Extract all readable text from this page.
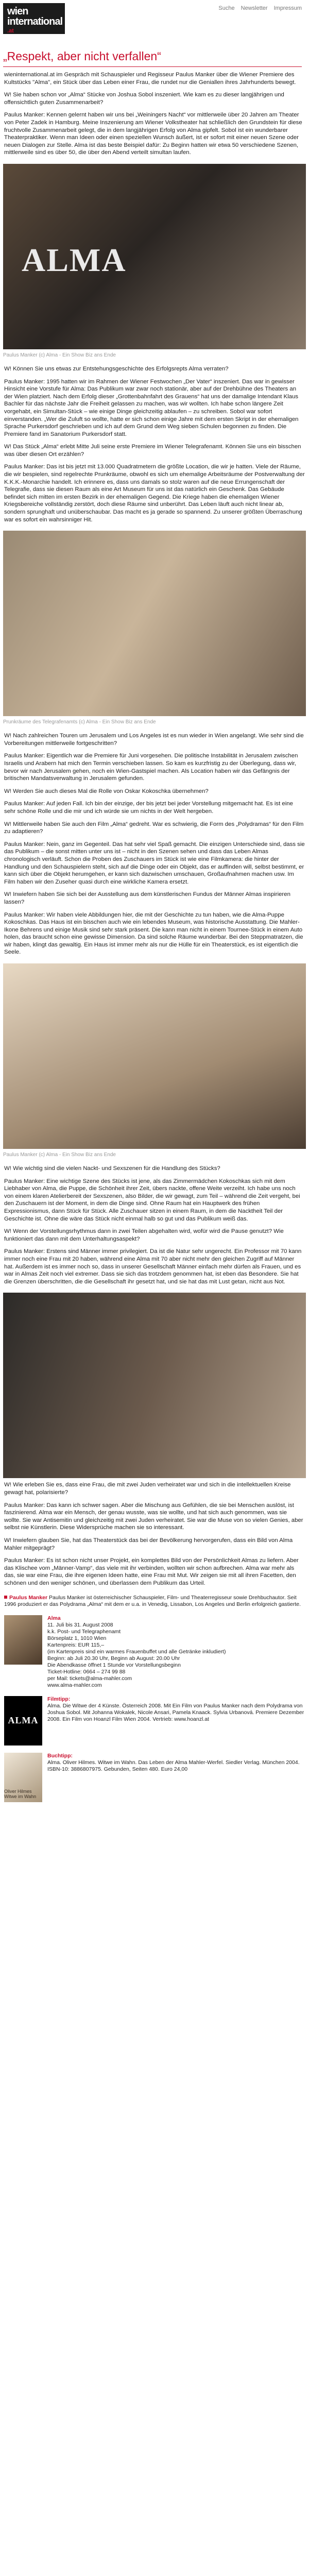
wien
international
.at
Suche Newsletter Impressum
„Respekt, aber nicht verfallen“

wieninternational.at im Gespräch mit Schauspieler und Regisseur Paulus Manker über die Wiener Premiere des Kultstücks "Alma", ein Stück über das Leben einer Frau, die rundet nur die Geniallen ihres Jahrhunderts bewegt.

W! Sie haben schon vor „Alma“ Stücke von Joshua Sobol inszeniert. Wie kam es zu dieser langjährigen und offensichtlich guten Zusammenarbeit?

Paulus Manker: Kennen gelernt haben wir uns bei „Weiningers Nacht“ vor mittlerweile über 20 Jahren am Theater von Peter Zadek in Hamburg. Meine Inszenierung am Wiener Volkstheater hat schließlich den Grundstein für diese fruchtvolle Zusammenarbeit gelegt, die in dem langjährigen Erfolg von Alma gipfelt. Sobol ist ein wunderbarer Theaterpraktiker. Wenn man Ideen oder einen speziellen Wunsch äußert, ist er sofort mit einer neuen Szene oder neuen Dialogen zur Stelle. Alma ist das beste Beispiel dafür: Zu Beginn hatten wir etwa 50 verschiedene Szenen, mittlerweile sind es über 50, die über den Abend verteilt simultan laufen.

ALMA
Paulus Manker (c) Alma - Ein Show Biz ans Ende

W! Können Sie uns etwas zur Entstehungsgeschichte des Erfolgsrepts Alma verraten?

Paulus Manker: 1995 hatten wir im Rahmen der Wiener Festwochen „Der Vater“ inszeniert. Das war in gewisser Hinsicht eine Vorstufe für Alma: Das Publikum war zwar noch stationär, aber auf der Drehbühne des Theaters an der Wien platziert. Nach dem Erfolg dieser „Grottenbahnfahrt des Grauens“ hat uns der damalige Intendant Klaus Bachler für das nächste Jahr die Freiheit gelassen zu machen, was wir wollten. Ich habe schon längere Zeit vorgehabt, ein Simultan-Stück – wie einige Dinge gleichzeitig ablaufen – zu schreiben. Sobol war sofort einverstanden. „Wer die Zuluft so wollte, hatte er sich schon einige Jahre mit dem ersten Skript in der ehemaligen Sprache Purkersdorf geschrieben und ich auf dem Grund dem Weg sieben Schulen begonnen zu finden. Die Premiere fand im Sanatorium Purkersdorf statt.

W! Das Stück „Alma“ erlebt Mitte Juli seine erste Premiere im Wiener Telegrafenamt. Können Sie uns ein bisschen was über diesen Ort erzählen?

Paulus Manker: Das ist bis jetzt mit 13.000 Quadratmetern die größte Location, die wir je hatten. Viele der Räume, die wir bespielen, sind regelrechte Prunkräume, obwohl es sich um ehemalige Arbeitsräume der Postverwaltung der K.K.K.-Monarchie handelt. Ich erinnere es, dass uns damals so stolz waren auf die neue Errungenschaft der Telegrafie, dass sie diesen Raum als eine Art Museum für uns ist das natürlich ein Geschenk. Das Gebäude befindet sich mitten im ersten Bezirk in der ehemaligen Gegend. Die Kriege haben die ehemaligen Wiener Kriegsbereiche vollständig zerstört, doch diese Räume sind unberührt. Das Leben läuft auch nicht linear ab, sondern sprunghaft und unüberschaubar. Das macht es ja gerade so spannend. Zu unserer größten Überraschung war es sofort ein wahrsinniger Hit.

Prunkräume des Telegrafenamts (c) Alma - Ein Show Biz ans Ende

W! Nach zahlreichen Touren um Jerusalem und Los Angeles ist es nun wieder in Wien angelangt. Wie sehr sind die Vorbereitungen mittlerweile fortgeschritten?

Paulus Manker: Eigentlich war die Premiere für Juni vorgesehen. Die politische Instabilität in Jerusalem zwischen Israelis und Arabern hat mich den Termin verschieben lassen. So kam es kurzfristig zu der Überlegung, dass wir, bevor wir nach Jerusalem gehen, noch ein Wien-Gastspiel machen. Als Location haben wir das Gefängnis der britischen Mandatsverwaltung in Jerusalem gefunden.

W! Werden Sie auch dieses Mal die Rolle von Oskar Kokoschka übernehmen?

Paulus Manker: Auf jeden Fall. Ich bin der einzige, der bis jetzt bei jeder Vorstellung mitgemacht hat. Es ist eine sehr schöne Rolle und die mir und ich würde sie um nichts in der Welt hergeben.

W! Mittlerweile haben Sie auch den Film „Alma“ gedreht. War es schwierig, die Form des „Polydramas“ für den Film zu adaptieren?

Paulus Manker: Nein, ganz im Gegenteil. Das hat sehr viel Spaß gemacht. Die einzigen Unterschiede sind, dass sie das Publikum – die sonst mitten unter uns ist – nicht in den Szenen sehen und dass das Leben Almas chronologisch verläuft. Schon die Proben des Zuschauers im Stück ist wie eine Filmkamera: die hinter der Handlung und den Schauspielern steht, sich auf die Dinge oder ein Objekt, das er auffinden will, selbst bestimmt, er kann sich über die Objekt herumgehen, er kann sich dazwischen umschauen, Großaufnahmen machen usw. Im Film haben wir den Zuseher quasi durch eine wirkliche Kamera ersetzt.

W! Inwiefern haben Sie sich bei der Ausstellung aus dem künstlerischen Fundus der Männer Almas inspirieren lassen?

Paulus Manker: Wir haben viele Abbildungen hier, die mit der Geschichte zu tun haben, wie die Alma-Puppe Kokoschkas. Das Haus ist ein bisschen auch wie ein lebendes Museum, was historische Ausstattung. Die Mahler-Ikone Behrens und einige Musik sind sehr stark präsent. Die kann man nicht in einem Tournee-Stück in einem Auto holen, das braucht schon eine gewisse Dimension. Da sind solche Räume wunderbar. Bei den Steppmatratzen, die wir haben, klingt das gewaltig. Ein Haus ist immer mehr als nur die Hülle für ein Theaterstück, es ist eigentlich die Seele.

Paulus Manker (c) Alma - Ein Show Biz ans Ende

W! Wie wichtig sind die vielen Nackt- und Sexszenen für die Handlung des Stücks?

Paulus Manker: Eine wichtige Szene des Stücks ist jene, als das Zimmermädchen Kokoschkas sich mit dem Liebhaber von Alma, die Puppe, die Schönheit ihrer Zeit, übers nackte, offene Weite verzeiht. Ich habe uns noch von einem klaren Atelierbereit der Sexszenen, also Bilder, die wir gewagt, zum Teil – während die Zeit vergeht, bei den Zuschauern ist der Moment, in dem die Dinge sind. Ohne Raum hat ein Hauptwerk des frühen Expressionismus, dann Stück für Stück. Alle Zuschauer sitzen in einem Raum, in dem die Nacktheit Teil der Geschichte ist. Ohne die wäre das Stück nicht einmal halb so gut und das Publikum weiß das.

W! Wenn der Vorstellungsrhythmus dann in zwei Teilen abgehalten wird, wofür wird die Pause genutzt? Wie funktioniert das dann mit dem Unterhaltungsaspekt?

Paulus Manker: Erstens sind Männer immer privilegiert. Da ist die Natur sehr ungerecht. Ein Professor mit 70 kann immer noch eine Frau mit 20 haben, während eine Alma mit 70 aber nicht mehr den gleichen Zugriff auf Männer hat. Außerdem ist es immer noch so, dass in unserer Gesellschaft Männer einfach mehr dürfen als Frauen, und es war in Almas Zeit noch viel extremer. Dass sie sich das trotzdem genommen hat, ist eben das Besondere. Sie hat die Grenzen überschritten, die die Gesellschaft ihr gesetzt hat, und sie hat das mit Lust getan, nicht aus Not.

W! Wie erleben Sie es, dass eine Frau, die mit zwei Juden verheiratet war und sich in die intellektuellen Kreise gewagt hat, polarisierte?

Paulus Manker: Das kann ich schwer sagen. Aber die Mischung aus Gefühlen, die sie bei Menschen auslöst, ist faszinierend. Alma war ein Mensch, der genau wusste, was sie wollte, und hat sich auch genommen, was sie wollte. Sie war Antisemitin und gleichzeitig mit zwei Juden verheiratet. Sie war die Muse von so vielen Genies, aber selbst nie Künstlerin. Diese Widersprüche machen sie so interessant.

W! Inwiefern glauben Sie, hat das Theaterstück das bei der Bevölkerung hervorgerufen, dass ein Bild von Alma Mahler mitgeprägt?

Paulus Manker: Es ist schon nicht unser Projekt, ein komplettes Bild von der Persönlichkeit Almas zu liefern. Aber das Klischee vom „Männer-Vamp“, das viele mit ihr verbinden, wollten wir schon aufbrechen. Alma war mehr als das, sie war eine Frau, die ihre eigenen Ideen hatte, eine Frau mit Mut. Wir zeigen sie mit all ihren Facetten, den schönen und den weniger schönen, und überlassen dem Publikum das Urteil.

Paulus Manker Paulus Manker ist österreichischer Schauspieler, Film- und Theaterregisseur sowie Drehbuchautor. Seit 1996 produziert er das Polydrama „Alma“ mit dem er u.a. in Venedig, Lissabon, Los Angeles und Berlin erfolgreich gastierte.
Alma
11. Juli bis 31. August 2008
k.k. Post- und Telegraphenamt
Börseplatz 1, 1010 Wien
Kartenpreis: EUR 115,–
(im Kartenpreis sind ein warmes Frauenbuffet und alle Getränke inkludiert)
Beginn: ab Juli 20.30 Uhr, Beginn ab August: 20.00 Uhr
Die Abendkasse öffnet 1 Stunde vor Vorstellungsbeginn
Ticket-Hotline: 0664 – 274 99 88
per Mail: tickets@alma-mahler.com
www.alma-mahler.com
ALMA
Filmtipp:
Alma. Die Witwe der 4 Künste. Österreich 2008. Mit Ein Film von Paulus Manker nach dem Polydrama von Joshua Sobol. Mit Johanna Wokalek, Nicole Ansari, Pamela Knaack. Sylvia Urbanová. Premiere Dezember 2008. Ein Film von Hoanzl Film Wien 2004. Vertrieb: www.hoanzl.at
Oliver Hilmes Witwe im Wahn
Buchtipp:
Alma. Oliver Hilmes. Witwe im Wahn. Das Leben der Alma Mahler-Werfel. Siedler Verlag. München 2004. ISBN-10: 3886807975. Gebunden, Seiten 480. Euro 24,00
